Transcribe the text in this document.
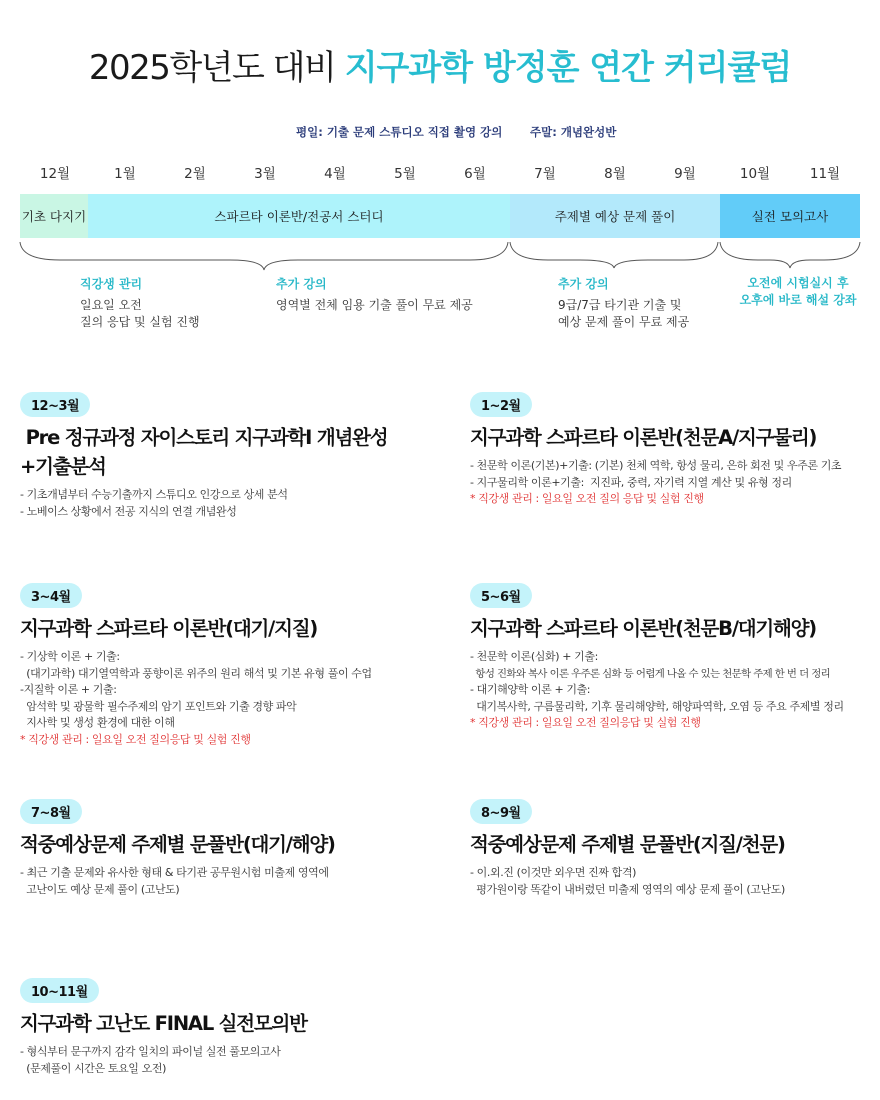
2025학년도 대비 지구과학 방정훈 연간 커리큘럼
평일: 기출 문제 스튜디오 직접 촬영 강의 주말: 개념완성반
12월	1월	2월	3월	4월	5월	6월	7월	8월	9월	10월	11월
기초 다지기	스파르타 이론반/전공서 스터디	주제별 예상 문제 풀이	실전 모의고사
직강생 관리
일요일 오전
질의 응답 및 실험 진행
추가 강의
영역별 전체 임용 기출 풀이 무료 제공
추가 강의
9급/7급 타기관 기출 및
예상 문제 풀이 무료 제공
오전에 시험실시 후
오후에 바로 해설 강좌
12~3월
Pre 정규과정 자이스토리 지구과학I 개념완성
+기출분석
- 기초개념부터 수능기출까지 스튜디오 인강으로 상세 분석
- 노베이스 상황에서 전공 지식의 연결 개념완성
1~2월
지구과학 스파르타 이론반(천문A/지구물리)
- 천문학 이론(기본)+기출: (기본) 천체 역학, 항성 물리, 은하 회전 및 우주론 기초
- 지구물리학 이론+기출:  지진파, 중력, 자기력 지열 계산 및 유형 정리
* 직강생 관리 : 일요일 오전 질의 응답 및 실험 진행
3~4월
지구과학 스파르타 이론반(대기/지질)
- 기상학 이론 + 기출:
(대기과학) 대기열역학과 풍향이론 위주의 원리 해석 및 기본 유형 풀이 수업
-지질학 이론 + 기출:
암석학 및 광물학 필수주제의 암기 포인트와 기출 경향 파악
지사학 및 생성 환경에 대한 이해
* 직강생 관리 : 일요일 오전 질의응답 및 실험 진행
5~6월
지구과학 스파르타 이론반(천문B/대기해양)
- 천문학 이론(심화) + 기출:
항성 진화와 복사 이론 우주론 심화 등 어렵게 나올 수 있는 천문학 주제 한 번 더 정리
- 대기해양학 이론 + 기출:
대기복사학, 구름물리학, 기후 물리해양학, 해양파역학, 오염 등 주요 주제별 정리
* 직강생 관리 : 일요일 오전 질의응답 및 실험 진행
7~8월
적중예상문제 주제별 문풀반(대기/해양)
- 최근 기출 문제와 유사한 형태 & 타기관 공무원시험 미출제 영역에
고난이도 예상 문제 풀이 (고난도)
8~9월
적중예상문제 주제별 문풀반(지질/천문)
- 이.외.진 (이것만 외우면 진짜 합격)
평가원이랑 똑같이 내버렸던 미출제 영역의 예상 문제 풀이 (고난도)
10~11월
지구과학 고난도 FINAL 실전모의반
- 형식부터 문구까지 감각 일치의 파이널 실전 풀모의고사
(문제풀이 시간은 토요일 오전)
